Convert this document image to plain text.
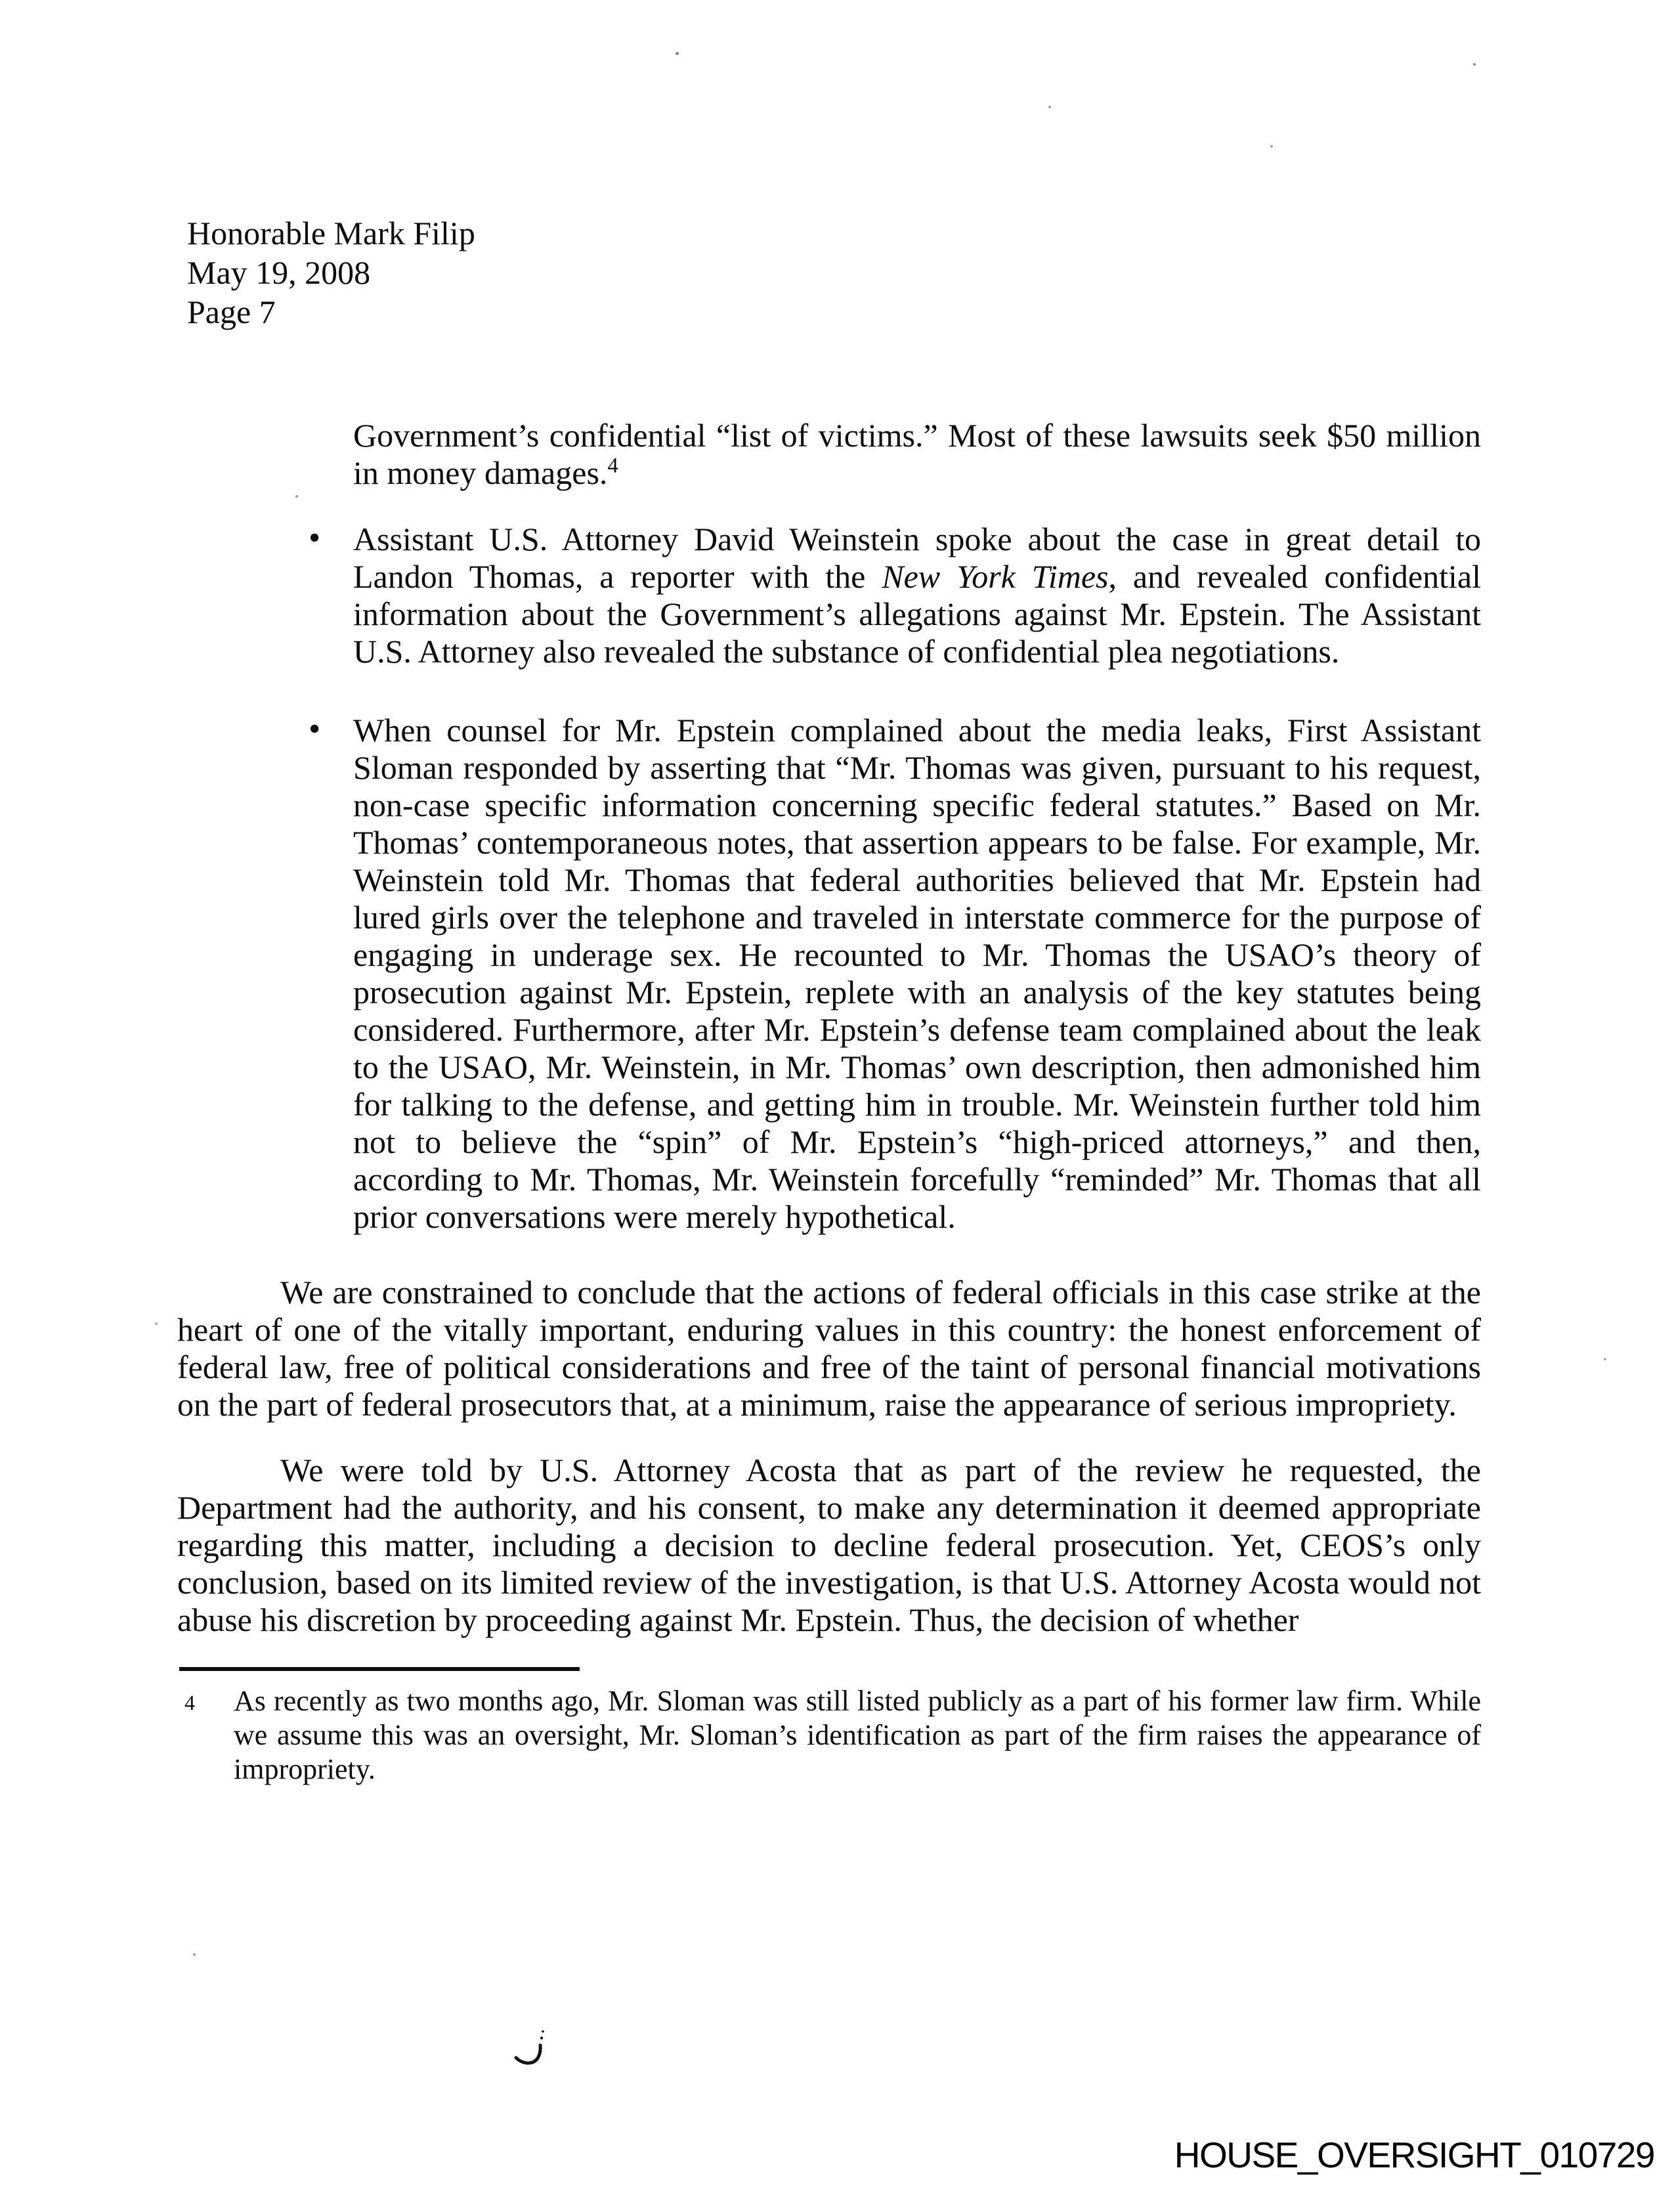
Honorable Mark Filip
May 19, 2008
Page 7

Government’s confidential “list of victims.” Most of these lawsuits seek $50 million in money damages.$^4$

• Assistant U.S. Attorney David Weinstein spoke about the case in great detail to Landon Thomas, a reporter with the New York Times, and revealed confidential information about the Government’s allegations against Mr. Epstein. The Assistant U.S. Attorney also revealed the substance of confidential plea negotiations.

• When counsel for Mr. Epstein complained about the media leaks, First Assistant Sloman responded by asserting that “Mr. Thomas was given, pursuant to his request, non-case specific information concerning specific federal statutes.” Based on Mr. Thomas’ contemporaneous notes, that assertion appears to be false. For example, Mr. Weinstein told Mr. Thomas that federal authorities believed that Mr. Epstein had lured girls over the telephone and traveled in interstate commerce for the purpose of engaging in underage sex. He recounted to Mr. Thomas the USAO’s theory of prosecution against Mr. Epstein, replete with an analysis of the key statutes being considered. Furthermore, after Mr. Epstein’s defense team complained about the leak to the USAO, Mr. Weinstein, in Mr. Thomas’ own description, then admonished him for talking to the defense, and getting him in trouble. Mr. Weinstein further told him not to believe the “spin” of Mr. Epstein’s “high-priced attorneys,” and then, according to Mr. Thomas, Mr. Weinstein forcefully “reminded” Mr. Thomas that all prior conversations were merely hypothetical.

We are constrained to conclude that the actions of federal officials in this case strike at the heart of one of the vitally important, enduring values in this country: the honest enforcement of federal law, free of political considerations and free of the taint of personal financial motivations on the part of federal prosecutors that, at a minimum, raise the appearance of serious impropriety.

We were told by U.S. Attorney Acosta that as part of the review he requested, the Department had the authority, and his consent, to make any determination it deemed appropriate regarding this matter, including a decision to decline federal prosecution. Yet, CEOS’s only conclusion, based on its limited review of the investigation, is that U.S. Attorney Acosta would not abuse his discretion by proceeding against Mr. Epstein. Thus, the decision of whether

4	As recently as two months ago, Mr. Sloman was still listed publicly as a part of his former law firm. While we assume this was an oversight, Mr. Sloman’s identification as part of the firm raises the appearance of impropriety.

HOUSE_OVERSIGHT_010729
